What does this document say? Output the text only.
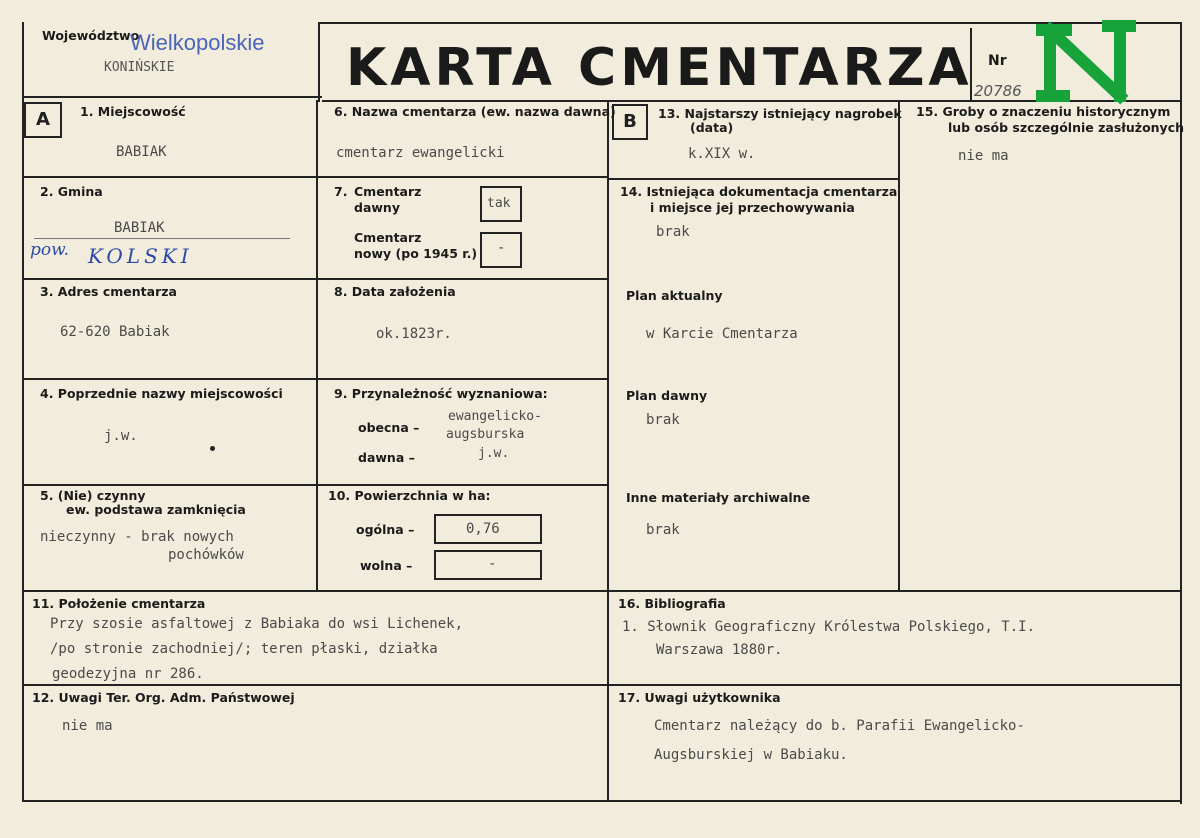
Województwo
Wielkopolskie
KONIŃSKIE	KARTA CMENTARZA Nr
20786
A	B
1. Miejscowość
BABIAK
2. Gmina
BABIAK
pow. KOLSKI
3. Adres cmentarza
62-620 Babiak
4. Poprzednie nazwy miejscowości
j.w.
5. (Nie) czynny
ew. podstawa zamknięcia
nieczynny - brak nowych
pochówków
6. Nazwa cmentarza (ew. nazwa dawna)
cmentarz ewangelicki
7. Cmentarz
dawny	tak
Cmentarz
nowy (po 1945 r.) -
8. Data założenia
ok.1823r.
9. Przynależność wyznaniowa:
obecna –
ewangelicko-
augsburska
dawna –	j.w.
10. Powierzchnia w ha:
ogólna –	0,76
wolna –	-
13. Najstarszy istniejący nagrobek
(data)
k.XIX w.
14. Istniejąca dokumentacja cmentarza
i miejsce jej przechowywania
brak
Plan aktualny
w Karcie Cmentarza
Plan dawny
brak
Inne materiały archiwalne
brak
15. Groby o znaczeniu historycznym
lub osób szczególnie zasłużonych
nie ma
11. Położenie cmentarza
Przy szosie asfaltowej z Babiaka do wsi Lichenek,
/po stronie zachodniej/; teren płaski, działka
geodezyjna nr 286.
16. Bibliografia
1. Słownik Geograficzny Królestwa Polskiego, T.I.
Warszawa 1880r.
12. Uwagi Ter. Org. Adm. Państwowej
nie ma
17. Uwagi użytkownika
Cmentarz należący do b. Parafii Ewangelicko-
Augsburskiej w Babiaku.
